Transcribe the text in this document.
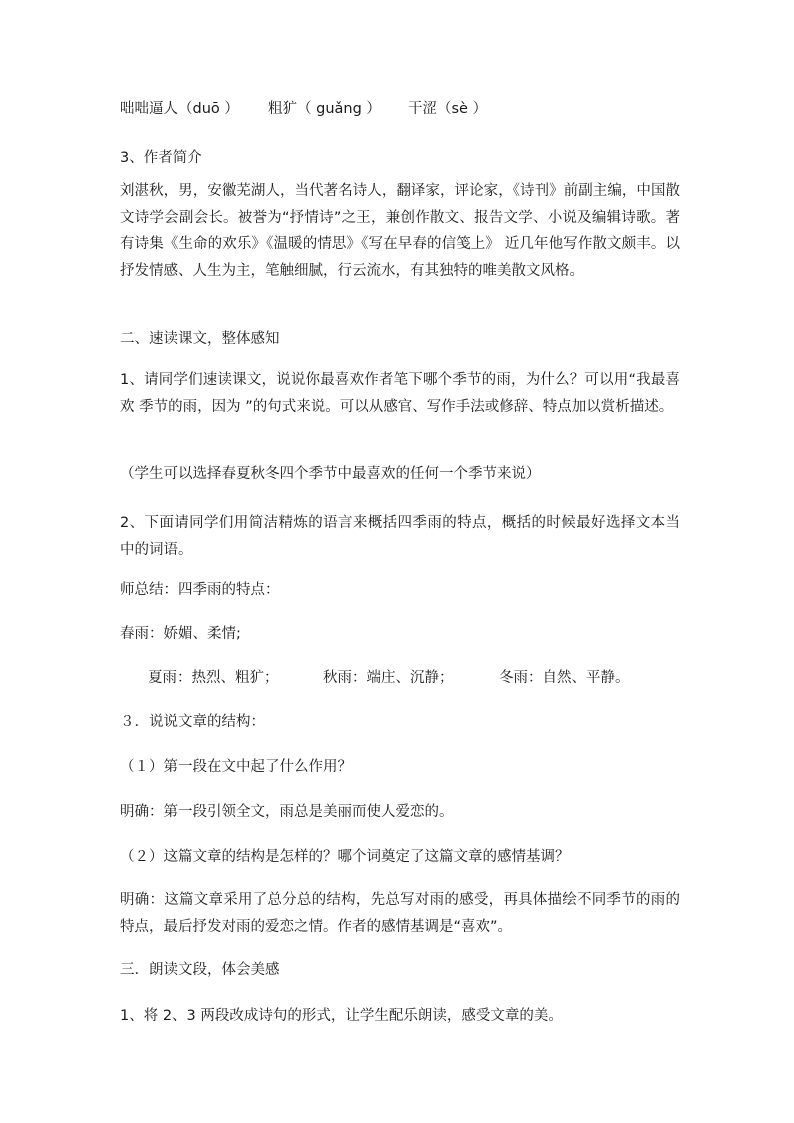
咄咄逼人（duō ） 粗犷（ guǎng ） 干涩（sè ）

3、作者简介

刘湛秋，男，安徽芜湖人，当代著名诗人，翻译家，评论家，《诗刊》前副主编，中国散文诗学会副会长。被誉为“抒情诗”之王，兼创作散文、报告文学、小说及编辑诗歌。著有诗集《生命的欢乐》《温暖的情思》《写在早春的信笺上》 近几年他写作散文颇丰。以抒发情感、人生为主，笔触细腻，行云流水，有其独特的唯美散文风格。

二、速读课文，整体感知

1、请同学们速读课文，说说你最喜欢作者笔下哪个季节的雨，为什么？可以用“我最喜欢 季节的雨，因为 ”的句式来说。可以从感官、写作手法或修辞、特点加以赏析描述。

（学生可以选择春夏秋冬四个季节中最喜欢的任何一个季节来说）

2、下面请同学们用简洁精炼的语言来概括四季雨的特点，概括的时候最好选择文本当中的词语。

师总结：四季雨的特点：

春雨：娇媚、柔情;

夏雨：热烈、粗犷；	秋雨：端庄、沉静；	冬雨：自然、平静。

３．说说文章的结构：

（１）第一段在文中起了什么作用？

明确：第一段引领全文，雨总是美丽而使人爱恋的。

（２）这篇文章的结构是怎样的？哪个词奠定了这篇文章的感情基调？

明确：这篇文章采用了总分总的结构，先总写对雨的感受，再具体描绘不同季节的雨的特点，最后抒发对雨的爱恋之情。作者的感情基调是“喜欢”。

三．朗读文段，体会美感

1、将 2、3 两段改成诗句的形式，让学生配乐朗读，感受文章的美。
